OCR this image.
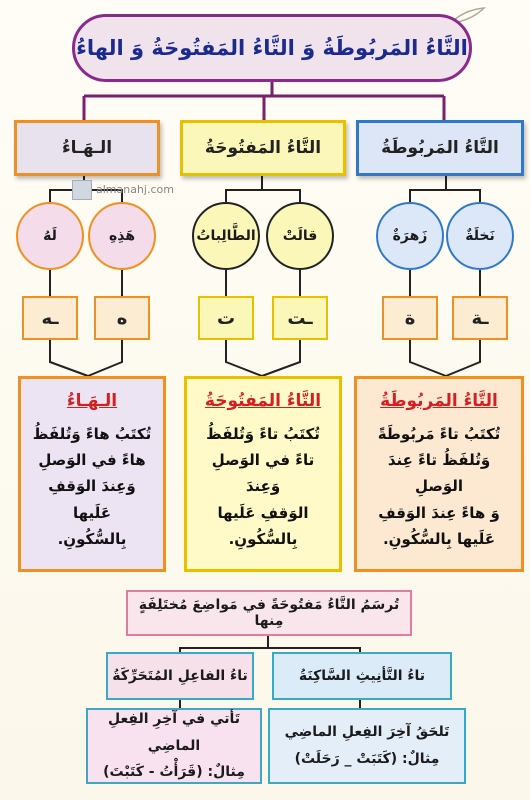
التَّاءُ المَربُوطَةُ وَ التَّاءُ المَفتُوحَةُ وَ الهاءُ
التَّاءُ المَربُوطَةُ
التَّاءُ المَفتُوحَةُ
الـهَـاءُ
almanahj.com
نَخلَةٌ
زَهرَةٌ
قالَتْ
الطَّالِباتُ
هَذِهِ
لَهُ
ـة
ة
ـت
ت
ه
ـه
التَّاءُ المَربُوطَةُ
تُكتَبُ تاءً مَربُوطَةً
وَتُلفَظُ تاءً عِندَ الوَصلِ
وَ هاءً عِندَ الوَقفِ
عَلَيها بِالسُّكُونِ.
التَّاءُ المَفتُوحَةُ
تُكتَبُ تاءً وَتُلفَظُ
تاءً في الوَصلِ وَعِندَ
الوَقفِ عَلَيها بِالسُّكُونِ.
الـهَـاءُ
تُكتَبُ هاءً وَتُلفَظُ
هاءً في الوَصلِ
وَعِندَ الوَقفِ عَلَيها
بِالسُّكُونِ.
تُرسَمُ التَّاءُ مَفتُوحَةً في مَواضِعَ مُختَلِفَةٍ مِنها
تاءُ التَّأنِيثِ السَّاكِنَةُ
تاءُ الفاعِلِ المُتَحَرِّكَةُ
تَلحَقُ آخِرَ الفِعلِ الماضِي
مِثالٌ: (كَتَبَتْ _ رَحَلَتْ)
تَأتي في آخِرِ الفِعلِ الماضِي
مِثالٌ: (قَرَأْتُ - كَتَبْتَ)
